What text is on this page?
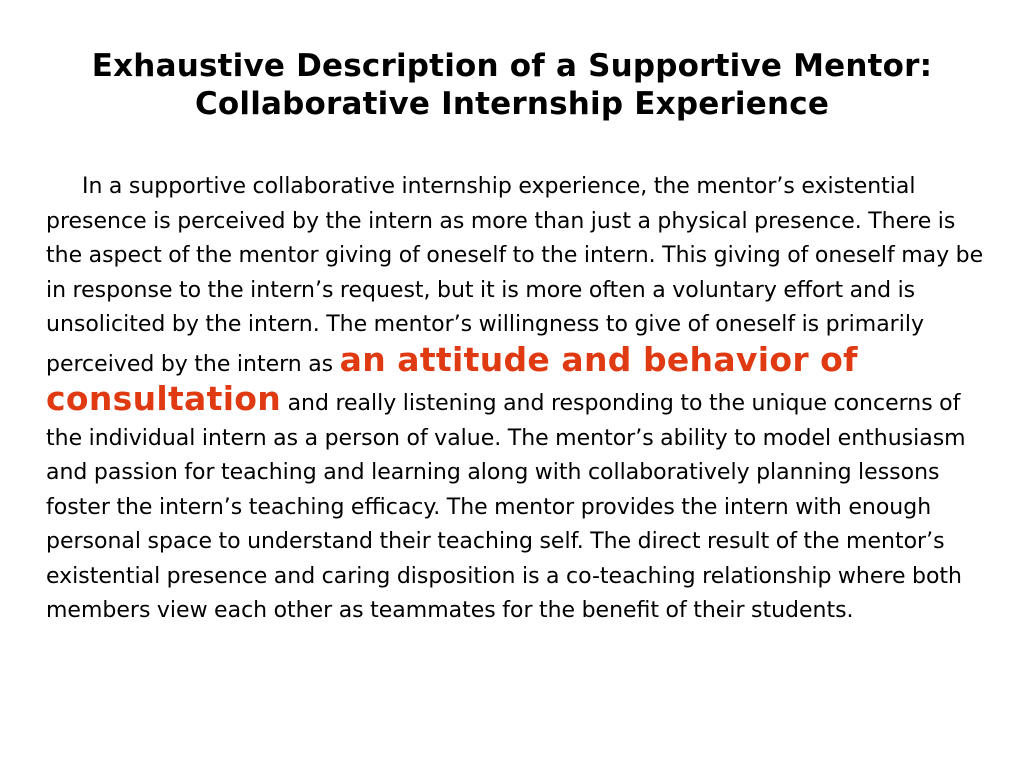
Exhaustive Description of a Supportive Mentor:
Collaborative Internship Experience

In a supportive collaborative internship experience, the mentor’s existential presence is perceived by the intern as more than just a physical presence. There is the aspect of the mentor giving of oneself to the intern. This giving of oneself may be in response to the intern’s request, but it is more often a voluntary effort and is unsolicited by the intern. The mentor’s willingness to give of oneself is primarily perceived by the intern as an attitude and behavior of consultation and really listening and responding to the unique concerns of the individual intern as a person of value. The mentor’s ability to model enthusiasm and passion for teaching and learning along with collaboratively planning lessons foster the intern’s teaching efficacy. The mentor provides the intern with enough personal space to understand their teaching self. The direct result of the mentor’s existential presence and caring disposition is a co-teaching relationship where both members view each other as teammates for the benefit of their students.
